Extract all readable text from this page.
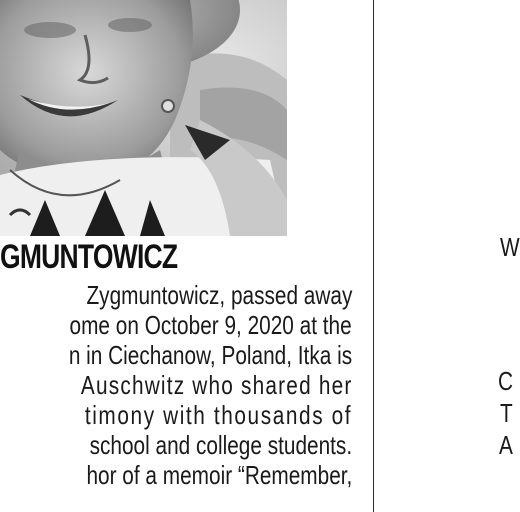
GMUNTOWICZ
Zygmuntowicz, passed away
ome on October 9, 2020 at the
n in Ciechanow, Poland, Itka is
Auschwitz who shared her
timony with thousands of
school and college students.
hor of a memoir “Remember,
W
C
T
A
